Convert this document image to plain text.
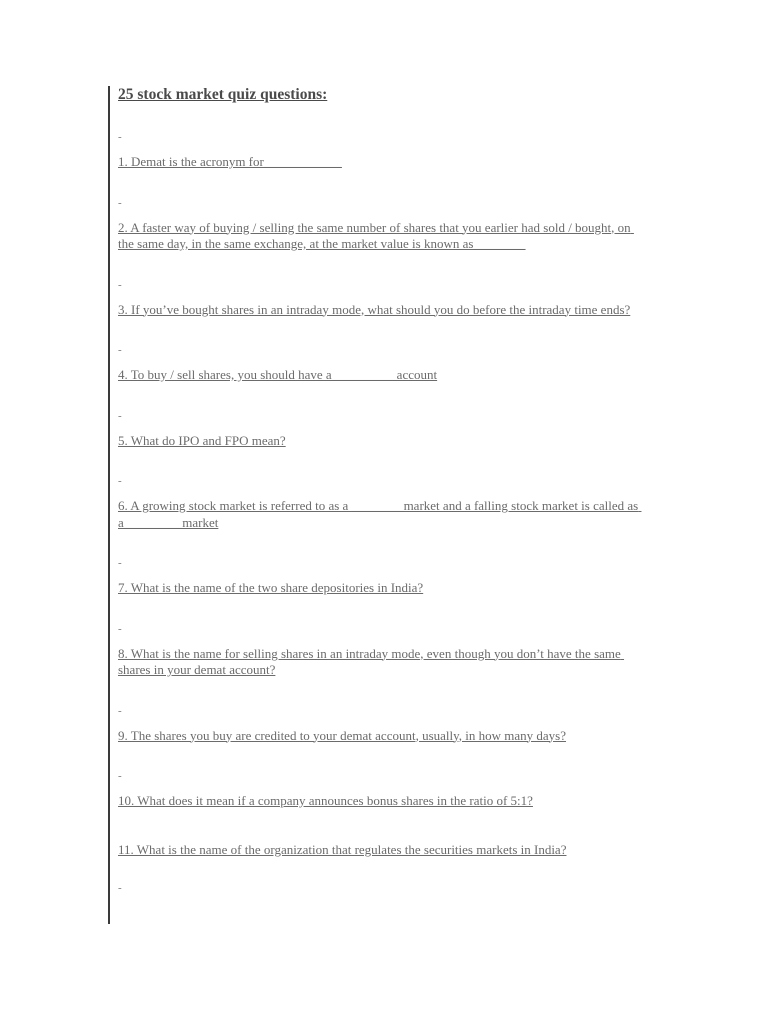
25 stock market quiz questions:

-

1. Demat is the acronym for____________

-

2. A faster way of buying / selling the same number of shares that you earlier had sold / bought, on the same day, in the same exchange, at the market value is known as________

-

3. If you’ve bought shares in an intraday mode, what should you do before the intraday time ends?

-

4. To buy / sell shares, you should have a__________account

-

5. What do IPO and FPO mean?

-

6. A growing stock market is referred to as a ________market and a falling stock market is called as a_________market

-

7. What is the name of the two share depositories in India?

-

8. What is the name for selling shares in an intraday mode, even though you don’t have the same shares in your demat account?

-

9. The shares you buy are credited to your demat account, usually, in how many days?

-

10. What does it mean if a company announces bonus shares in the ratio of 5:1?

11. What is the name of the organization that regulates the securities markets in India?

-
